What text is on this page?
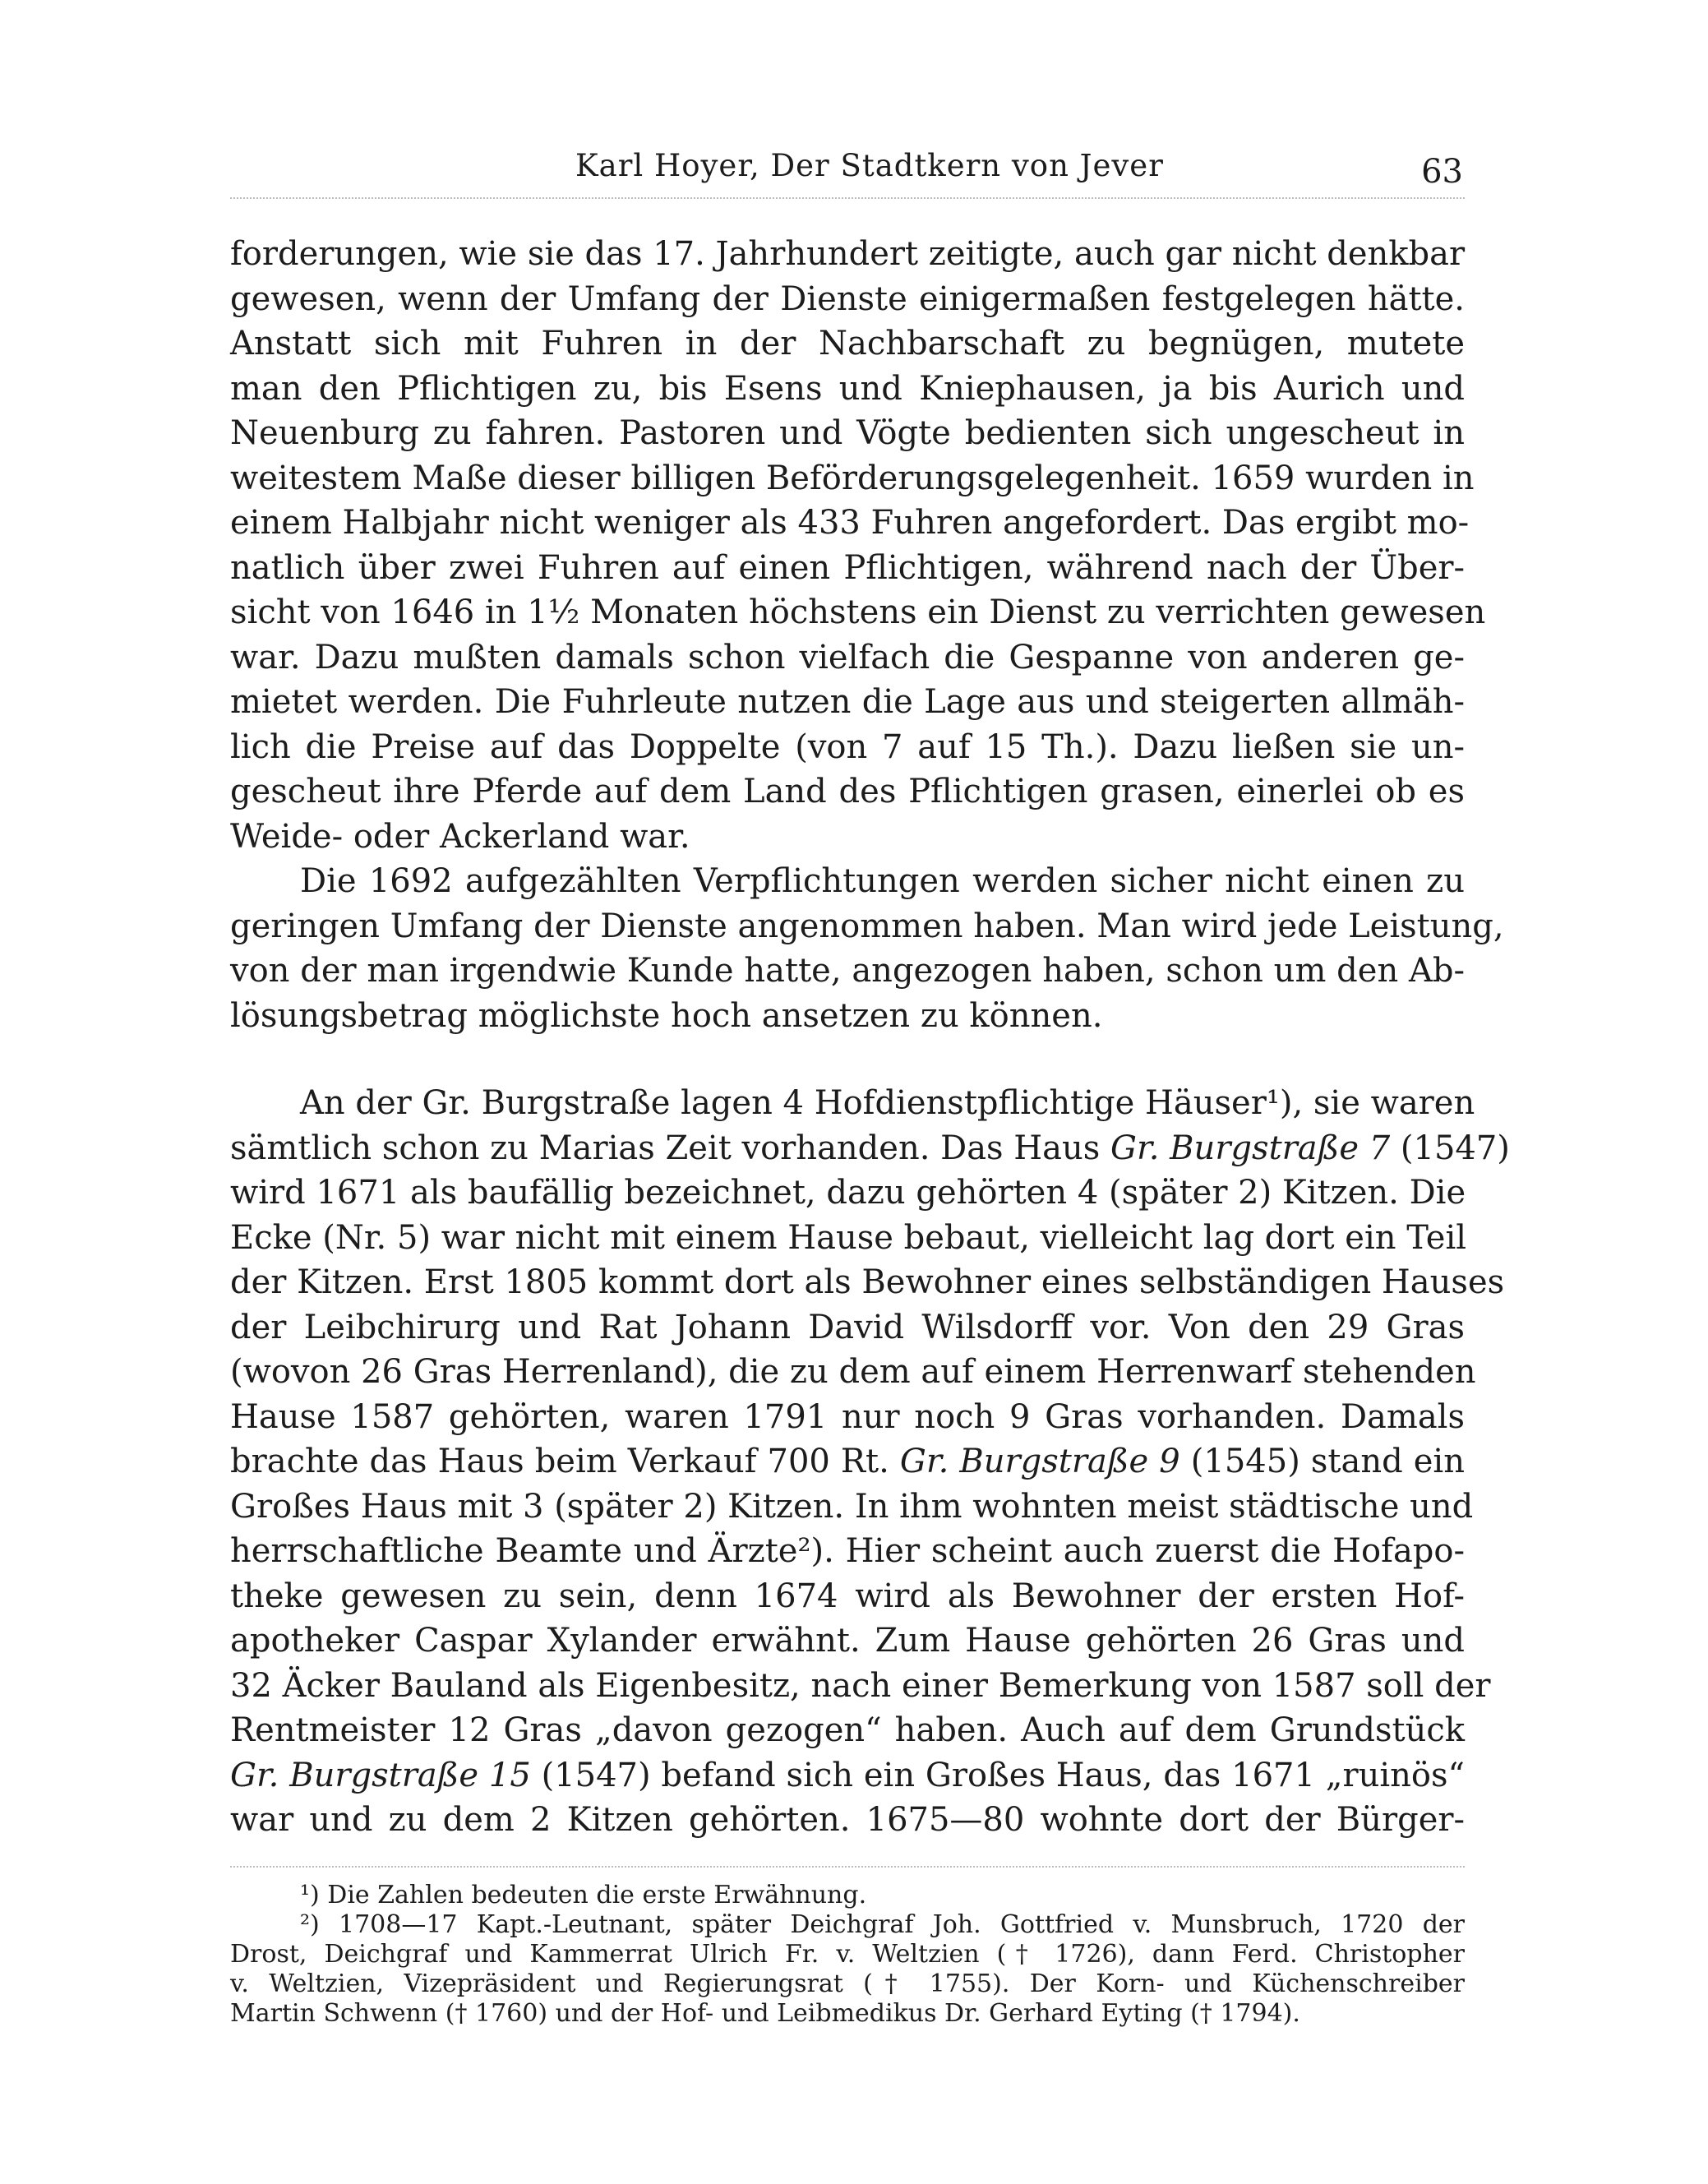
Karl Hoyer, Der Stadtkern von Jever	63
forderungen, wie sie das 17. Jahrhundert zeitigte, auch gar nicht denkbar
gewesen, wenn der Umfang der Dienste einigermaßen festgelegen hätte.
Anstatt sich mit Fuhren in der Nachbarschaft zu begnügen, mutete
man den Pflichtigen zu, bis Esens und Kniephausen, ja bis Aurich und
Neuenburg zu fahren. Pastoren und Vögte bedienten sich ungescheut in
weitestem Maße dieser billigen Beförderungsgelegenheit. 1659 wurden in
einem Halbjahr nicht weniger als 433 Fuhren angefordert. Das ergibt mo-
natlich über zwei Fuhren auf einen Pflichtigen, während nach der Über-
sicht von 1646 in 1½ Monaten höchstens ein Dienst zu verrichten gewesen
war. Dazu mußten damals schon vielfach die Gespanne von anderen ge-
mietet werden. Die Fuhrleute nutzen die Lage aus und steigerten allmäh-
lich die Preise auf das Doppelte (von 7 auf 15 Th.). Dazu ließen sie un-
gescheut ihre Pferde auf dem Land des Pflichtigen grasen, einerlei ob es
Weide- oder Ackerland war.
Die 1692 aufgezählten Verpflichtungen werden sicher nicht einen zu
geringen Umfang der Dienste angenommen haben. Man wird jede Leistung,
von der man irgendwie Kunde hatte, angezogen haben, schon um den Ab-
lösungsbetrag möglichste hoch ansetzen zu können.
An der Gr. Burgstraße lagen 4 Hofdienstpflichtige Häuser¹), sie waren
sämtlich schon zu Marias Zeit vorhanden. Das Haus Gr. Burgstraße 7 (1547)
wird 1671 als baufällig bezeichnet, dazu gehörten 4 (später 2) Kitzen. Die
Ecke (Nr. 5) war nicht mit einem Hause bebaut, vielleicht lag dort ein Teil
der Kitzen. Erst 1805 kommt dort als Bewohner eines selbständigen Hauses
der Leibchirurg und Rat Johann David Wilsdorff vor. Von den 29 Gras
(wovon 26 Gras Herrenland), die zu dem auf einem Herrenwarf stehenden
Hause 1587 gehörten, waren 1791 nur noch 9 Gras vorhanden. Damals
brachte das Haus beim Verkauf 700 Rt. Gr. Burgstraße 9 (1545) stand ein
Großes Haus mit 3 (später 2) Kitzen. In ihm wohnten meist städtische und
herrschaftliche Beamte und Ärzte²). Hier scheint auch zuerst die Hofapo-
theke gewesen zu sein, denn 1674 wird als Bewohner der ersten Hof-
apotheker Caspar Xylander erwähnt. Zum Hause gehörten 26 Gras und
32 Äcker Bauland als Eigenbesitz, nach einer Bemerkung von 1587 soll der
Rentmeister 12 Gras „davon gezogen“ haben. Auch auf dem Grundstück
Gr. Burgstraße 15 (1547) befand sich ein Großes Haus, das 1671 „ruinös“
war und zu dem 2 Kitzen gehörten. 1675—80 wohnte dort der Bürger-
¹) Die Zahlen bedeuten die erste Erwähnung.
²) 1708—17 Kapt.-Leutnant, später Deichgraf Joh. Gottfried v. Munsbruch, 1720 der
Drost, Deichgraf und Kammerrat Ulrich Fr. v. Weltzien († 1726), dann Ferd. Christopher
v. Weltzien, Vizepräsident und Regierungsrat († 1755). Der Korn- und Küchenschreiber
Martin Schwenn († 1760) und der Hof- und Leibmedikus Dr. Gerhard Eyting († 1794).
